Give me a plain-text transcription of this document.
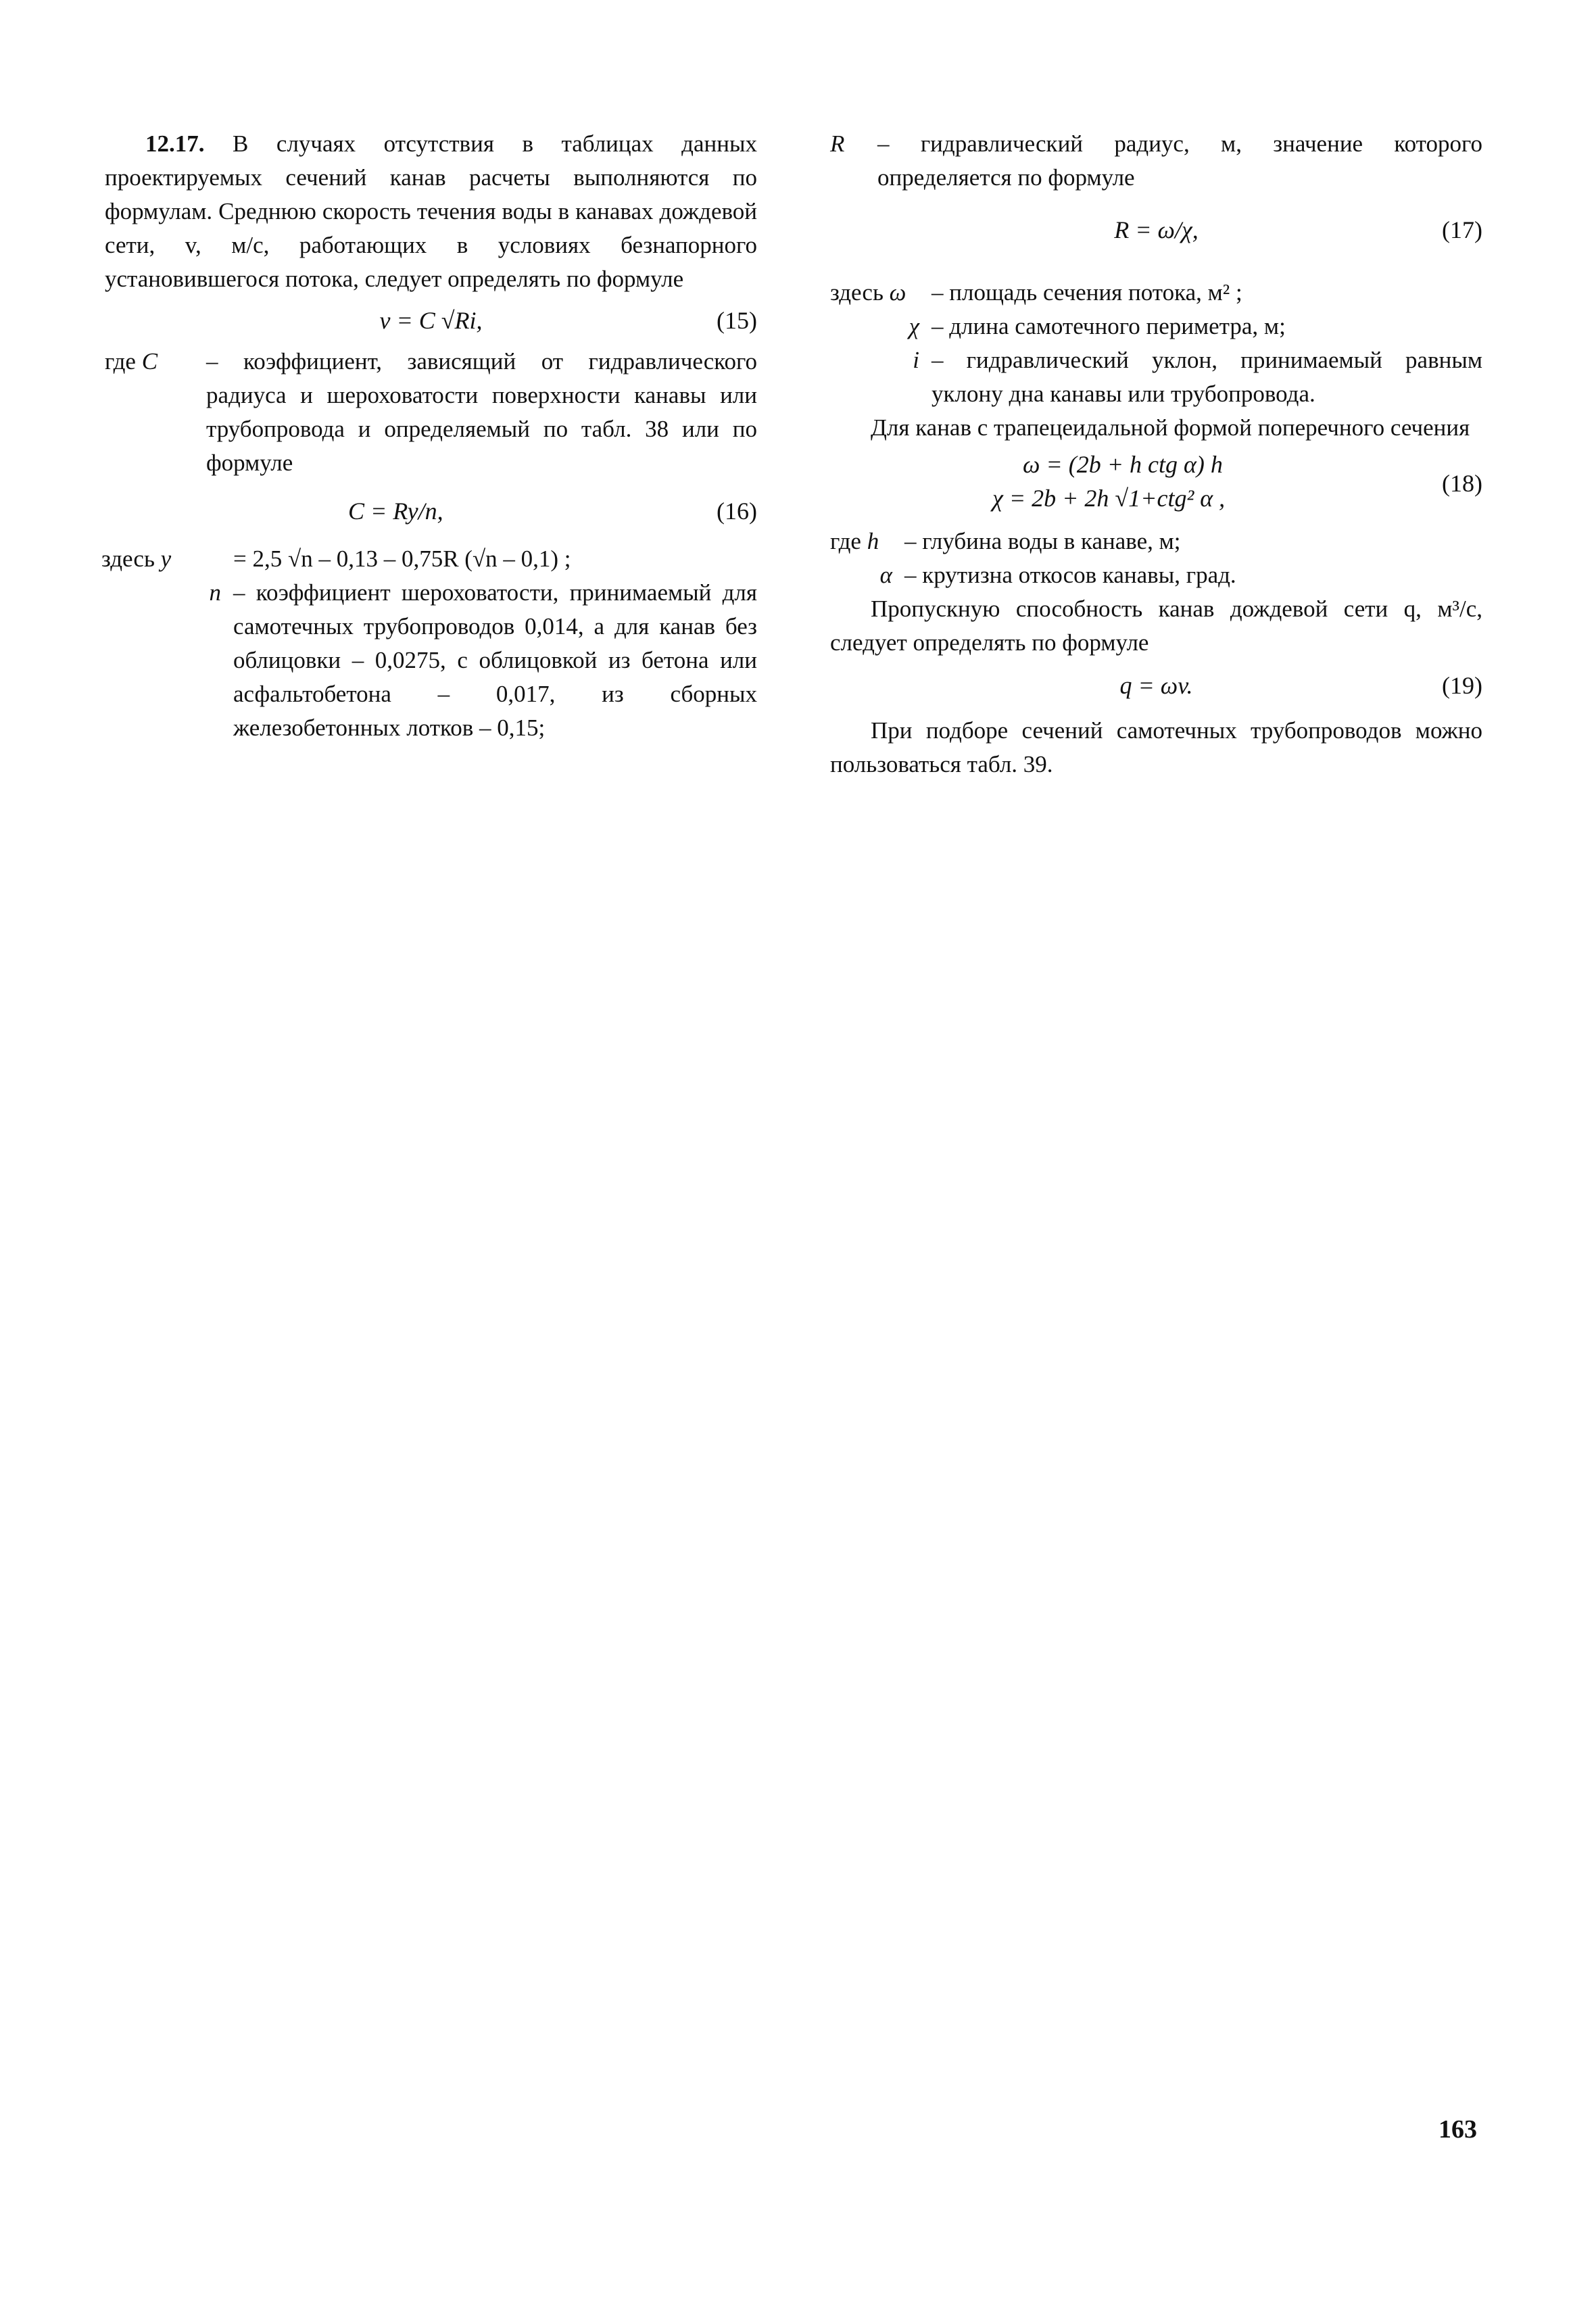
12.17. В случаях отсутствия в таблицах данных проектируемых сечений канав расчеты выполняются по формулам. Среднюю скорость течения воды в канавах дождевой сети, v, м/с, работающих в условиях безнапорного установившегося потока, следует определять по формуле

v = C √Ri,	(15)
где C	– коэффициент, зависящий от гидравлического радиуса и шероховатости поверхности канавы или трубопровода и определяемый по табл. 38 или по формуле
C = Ry/n,	(16)
здесь y	= 2,5 √n – 0,13 – 0,75R (√n – 0,1) ;
n – коэффициент шероховатости, принимаемый для самотечных трубопроводов 0,014, а для канав без облицовки – 0,0275, с облицовкой из бетона или асфальтобетона – 0,017, из сборных железобетонных лотков – 0,15;
R	– гидравлический радиус, м, значение которого определяется по формуле
R = ω/χ,	(17)
здесь ω	– площадь сечения потока, м² ;
χ – длина самотечного периметра, м;
i – гидравлический уклон, принимаемый равным уклону дна канавы или трубопровода.

Для канав с трапецеидальной формой поперечного сечения

ω = (2b + h ctg α) h
χ = 2b + 2h √1+ctg² α ,
(18)
где h	– глубина воды в канаве, м;
α – крутизна откосов канавы, град.

Пропускную способность канав дождевой сети q, м³/с, следует определять по формуле

q = ωv.	(19)

При подборе сечений самотечных трубопроводов можно пользоваться табл. 39.

163
